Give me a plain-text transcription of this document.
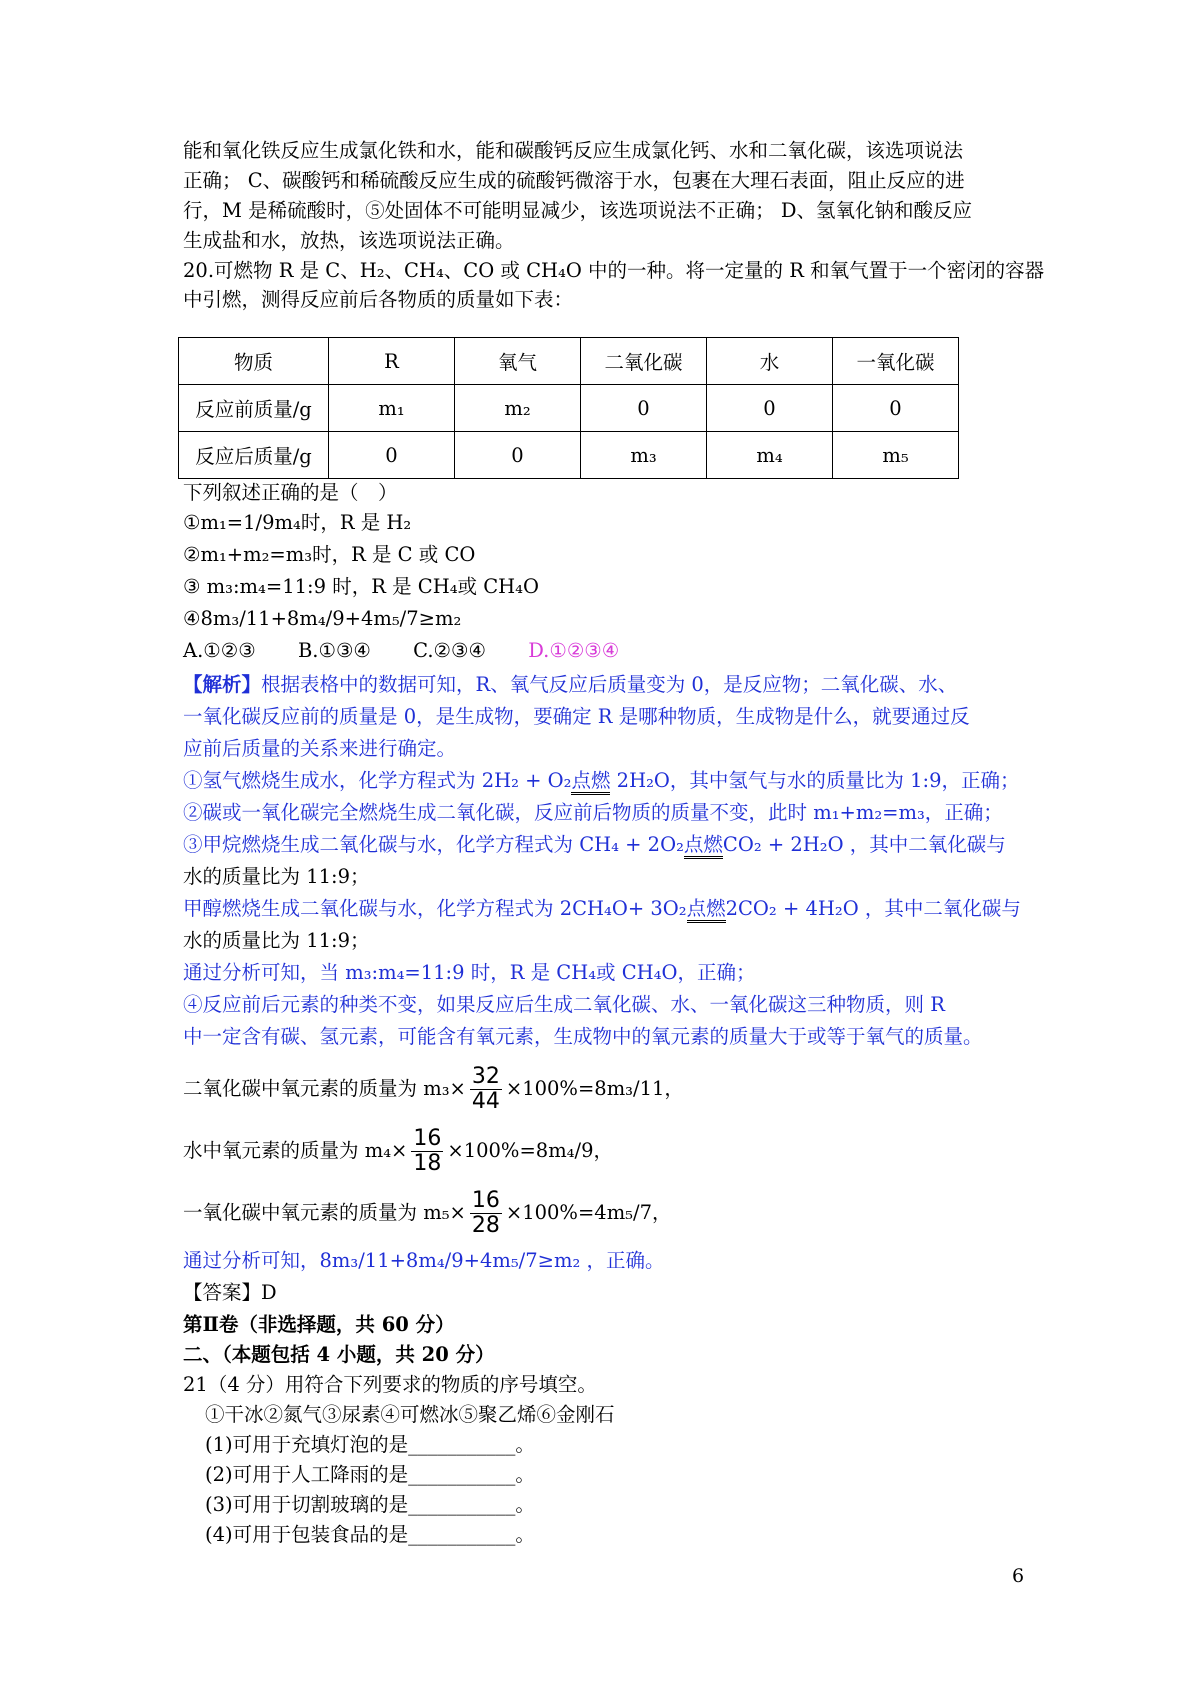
能和氧化铁反应生成氯化铁和水，能和碳酸钙反应生成氯化钙、水和二氧化碳，该选项说法
正确； C、碳酸钙和稀硫酸反应生成的硫酸钙微溶于水，包裹在大理石表面，阻止反应的进
行，M 是稀硫酸时，⑤处固体不可能明显减少，该选项说法不正确； D、氢氧化钠和酸反应
生成盐和水，放热，该选项说法正确。
20.可燃物 R 是 C、H₂、CH₄、CO 或 CH₄O 中的一种。将一定量的 R 和氧气置于一个密闭的容器
中引燃，测得反应前后各物质的质量如下表：
物质	R	氧气	二氧化碳	水	一氧化碳
反应前质量/g	m₁	m₂	0	0	0
反应后质量/g	0	0	m₃	m₄	m₅
下列叙述正确的是（　）
①m₁=1/9m₄时，R 是 H₂
②m₁+m₂=m₃时，R 是 C 或 CO
③ m₃:m₄=11:9 时，R 是 CH₄或 CH₄O
④8m₃/11+8m₄/9+4m₅/7≥m₂
A.①②③ B.①③④ C.②③④ D.①②③④
【解析】根据表格中的数据可知，R、氧气反应后质量变为 0，是反应物；二氧化碳、水、
一氧化碳反应前的质量是 0，是生成物，要确定 R 是哪种物质，生成物是什么，就要通过反
应前后质量的关系来进行确定。
①氢气燃烧生成水，化学方程式为 2H₂ + O₂点燃 2H₂O，其中氢气与水的质量比为 1:9，正确；
②碳或一氧化碳完全燃烧生成二氧化碳，反应前后物质的质量不变，此时 m₁+m₂=m₃，正确；
③甲烷燃烧生成二氧化碳与水，化学方程式为 CH₄ + 2O₂点燃CO₂ + 2H₂O ，其中二氧化碳与
水的质量比为 11:9；
甲醇燃烧生成二氧化碳与水，化学方程式为 2CH₄O+ 3O₂点燃2CO₂ + 4H₂O ，其中二氧化碳与
水的质量比为 11:9；
通过分析可知，当 m₃:m₄=11:9 时，R 是 CH₄或 CH₄O，正确；
④反应前后元素的种类不变，如果反应后生成二氧化碳、水、一氧化碳这三种物质，则 R
中一定含有碳、氢元素，可能含有氧元素，生成物中的氧元素的质量大于或等于氧气的质量。
二氧化碳中氧元素的质量为 $m_3\times \frac{32}{44} \times 100\%=8m_3/11$，
水中氧元素的质量为 $m_4\times \frac{16}{18} \times 100\%=8m_4/9$，
一氧化碳中氧元素的质量为 $m_5\times \frac{16}{28} \times 100\%=4m_5/7$，
通过分析可知，8m₃/11+8m₄/9+4m₅/7≥m₂ ，正确。
【答案】D
第Ⅱ卷（非选择题，共 60 分）
二、（本题包括 4 小题，共 20 分）
21（4 分）用符合下列要求的物质的序号填空。
①干冰②氮气③尿素④可燃冰⑤聚乙烯⑥金刚石
(1)可用于充填灯泡的是___________。
(2)可用于人工降雨的是___________。
(3)可用于切割玻璃的是___________。
(4)可用于包装食品的是___________。
6
